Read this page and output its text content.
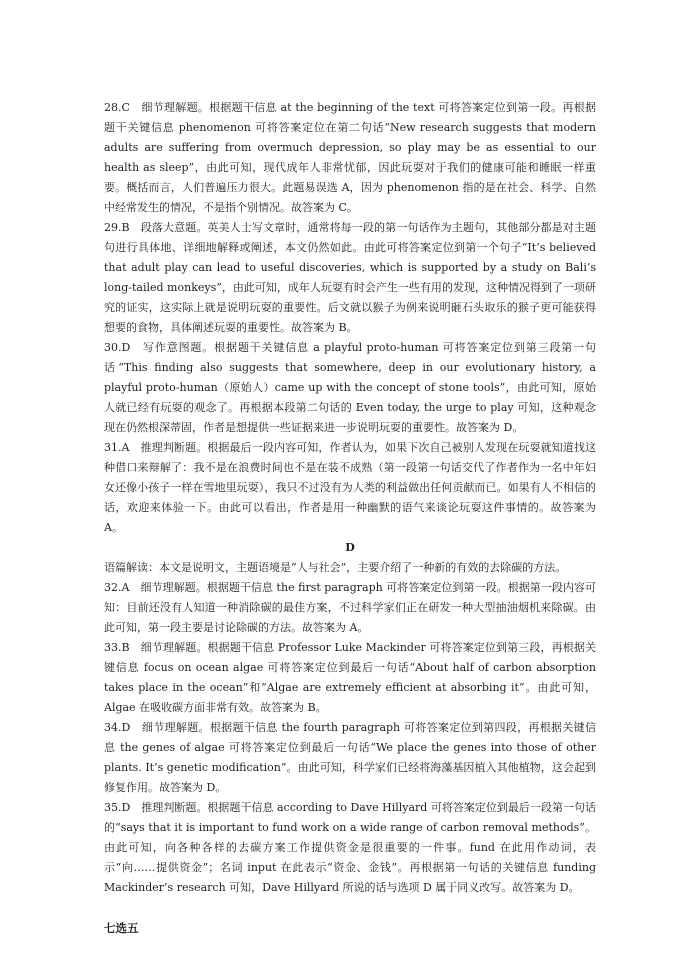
28.C　细节理解题。根据题干信息 at the beginning of the text 可将答案定位到第一段。再根据题干关键信息 phenomenon 可将答案定位在第二句话“New research suggests that modern adults are suffering from overmuch depression, so play may be as essential to our health as sleep”，由此可知，现代成年人非常忧郁，因此玩耍对于我们的健康可能和睡眠一样重要。概括而言，人们普遍压力很大。此题易误选 A，因为 phenomenon 指的是在社会、科学、自然中经常发生的情况，不是指个别情况。故答案为 C。

29.B　段落大意题。英美人士写文章时，通常将每一段的第一句话作为主题句，其他部分都是对主题句进行具体地、详细地解释或阐述，本文仍然如此。由此可将答案定位到第一个句子“It’s believed that adult play can lead to useful discoveries, which is supported by a study on Bali’s long-tailed monkeys”，由此可知，成年人玩耍有时会产生一些有用的发现，这种情况得到了一项研究的证实，这实际上就是说明玩耍的重要性。后文就以猴子为例来说明砸石头取乐的猴子更可能获得想要的食物，具体阐述玩耍的重要性。故答案为 B。

30.D　写作意图题。根据题干关键信息 a playful proto-human 可将答案定位到第三段第一句话“This finding also suggests that somewhere, deep in our evolutionary history, a playful proto-human（原始人）came up with the concept of stone tools”，由此可知，原始人就已经有玩耍的观念了。再根据本段第二句话的 Even today, the urge to play 可知，这种观念现在仍然根深蒂固，作者是想提供一些证据来进一步说明玩耍的重要性。故答案为 D。

31.A　推理判断题。根据最后一段内容可知，作者认为，如果下次自己被别人发现在玩耍就知道找这种借口来辩解了：我不是在浪费时间也不是在装不成熟（第一段第一句话交代了作者作为一名中年妇女还像小孩子一样在雪地里玩耍），我只不过没有为人类的利益做出任何贡献而已。如果有人不相信的话，欢迎来体验一下。由此可以看出，作者是用一种幽默的语气来谈论玩耍这件事情的。故答案为 A。

D

语篇解读：本文是说明文，主题语境是“人与社会”，主要介绍了一种新的有效的去除碳的方法。

32.A　细节理解题。根据题干信息 the first paragraph 可将答案定位到第一段。根据第一段内容可知：目前还没有人知道一种消除碳的最佳方案，不过科学家们正在研发一种大型抽油烟机来除碳。由此可知，第一段主要是讨论除碳的方法。故答案为 A。

33.B　细节理解题。根据题干信息 Professor Luke Mackinder 可将答案定位到第三段，再根据关键信息 focus on ocean algae 可将答案定位到最后一句话“About half of carbon absorption takes place in the ocean”和“Algae are extremely efficient at absorbing it”。由此可知，Algae 在吸收碳方面非常有效。故答案为 B。

34.D　细节理解题。根据题干信息 the fourth paragraph 可将答案定位到第四段，再根据关键信息 the genes of algae 可将答案定位到最后一句话“We place the genes into those of other plants. It’s genetic modification”。由此可知，科学家们已经将海藻基因植入其他植物，这会起到修复作用。故答案为 D。

35.D　推理判断题。根据题干信息 according to Dave Hillyard 可将答案定位到最后一段第一句话的“says that it is important to fund work on a wide range of carbon removal methods”。由此可知，向各种各样的去碳方案工作提供资金是很重要的一件事。fund 在此用作动词，表示“向……提供资金”；名词 input 在此表示“资金、金钱”。再根据第一句话的关键信息 funding Mackinder’s research 可知，Dave Hillyard 所说的话与选项 D 属于同义改写。故答案为 D。

七选五
